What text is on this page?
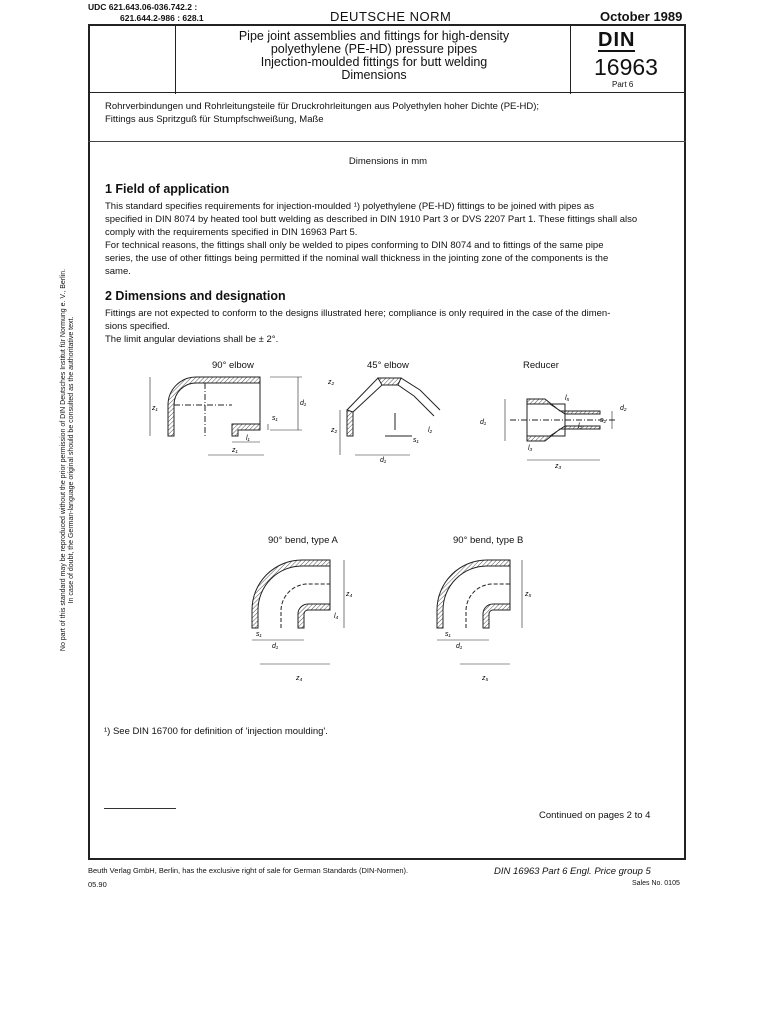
UDC 621.643.06-036.742.2 :
621.644.2-986 : 628.1	DEUTSCHE NORM	October 1989
Pipe joint assemblies and fittings for high-density
polyethylene (PE-HD) pressure pipes
Injection-moulded fittings for butt welding
Dimensions
DIN
16963
Part 6
Rohrverbindungen und Rohrleitungsteile für Druckrohrleitungen aus Polyethylen hoher Dichte (PE-HD);
Fittings aus Spritzguß für Stumpfschweißung, Maße
Dimensions in mm
1 Field of application
This standard specifies requirements for injection-moulded ¹) polyethylene (PE-HD) fittings to be joined with pipes as
specified in DIN 8074 by heated tool butt welding as described in DIN 1910 Part 3 or DVS 2207 Part 1. These fittings shall also
comply with the requirements specified in DIN 16963 Part 5.
For technical reasons, the fittings shall only be welded to pipes conforming to DIN 8074 and to fittings of the same pipe
series, the use of other fittings being permitted if the nominal wall thickness in the jointing zone of the components is the
same.
2 Dimensions and designation
Fittings are not expected to conform to the designs illustrated here; compliance is only required in the case of the dimen-
sions specified.
The limit angular deviations shall be ± 2°.
No part of this standard may be reproduced without the prior permission of DIN Deutsches Institut für Normung e. V., Berlin. In case of doubt, the German-language original should be consulted as the authoritative text.	90° elbow	45° elbow	Reducer
90° bend, type A	90° bend, type B
z₁
d₁
s₁
l₁
z₁
z₂
z₂
l₂
s₁
d₁
d₁
d₂
s₂
l₃
l₂
z₃
l₅
s₁
d₁
z₄
z₄
l₄
s₁
d₁
z₅
z₅
¹) See DIN 16700 for definition of 'injection moulding'.
Continued on pages 2 to 4
Beuth Verlag GmbH, Berlin, has the exclusive right of sale for German Standards (DIN-Normen).
05.90
DIN 16963 Part 6 Engl. Price group 5
Sales No. 0105
